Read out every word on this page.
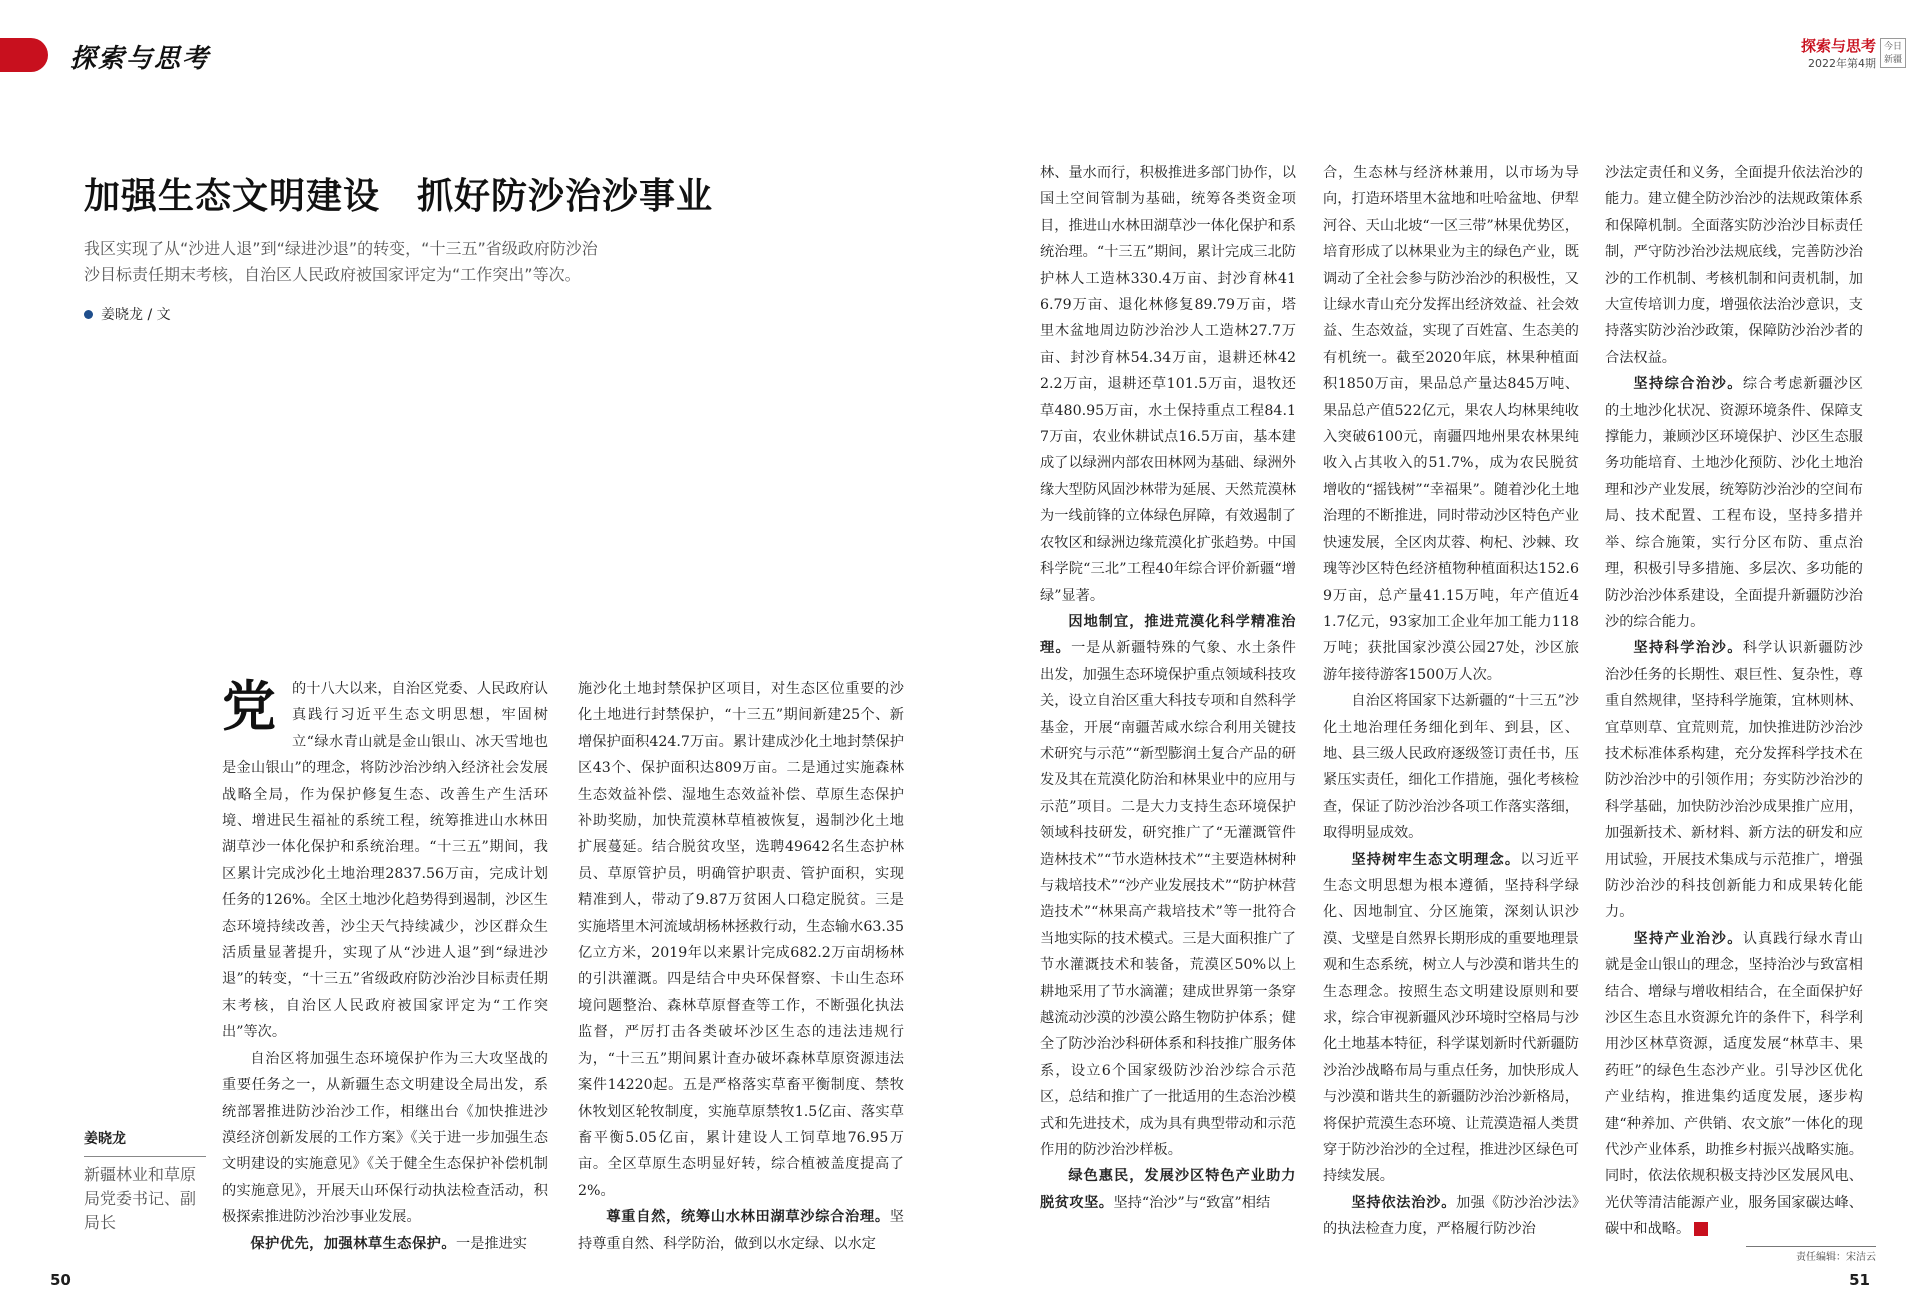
探索与思考
加强生态文明建设　抓好防沙治沙事业
我区实现了从“沙进人退”到“绿进沙退”的转变，“十三五”省级政府防沙治沙目标责任期末考核，自治区人民政府被国家评定为“工作突出”等次。
姜晓龙 / 文
姜晓龙
新疆林业和草原局党委书记、副局长
党	的十八大以来，自治区党委、人民政府认真践行习近平生态文明思想，牢固树立“绿水青山就是金山银山、冰天雪地也是金山银山”的理念，将防沙治沙纳入经济社会发展战略全局，作为保护修复生态、改善生产生活环境、增进民生福祉的系统工程，统筹推进山水林田湖草沙一体化保护和系统治理。“十三五”期间，我区累计完成沙化土地治理2837.56万亩，完成计划任务的126%。全区土地沙化趋势得到遏制，沙区生态环境持续改善，沙尘天气持续减少，沙区群众生活质量显著提升，实现了从“沙进人退”到“绿进沙退”的转变，“十三五”省级政府防沙治沙目标责任期末考核，自治区人民政府被国家评定为“工作突出”等次。

自治区将加强生态环境保护作为三大攻坚战的重要任务之一，从新疆生态文明建设全局出发，系统部署推进防沙治沙工作，相继出台《加快推进沙漠经济创新发展的工作方案》《关于进一步加强生态文明建设的实施意见》《关于健全生态保护补偿机制的实施意见》，开展天山环保行动执法检查活动，积极探索推进防沙治沙事业发展。

保护优先，加强林草生态保护。一是推进实

施沙化土地封禁保护区项目，对生态区位重要的沙化土地进行封禁保护，“十三五”期间新建25个、新增保护面积424.7万亩。累计建成沙化土地封禁保护区43个、保护面积达809万亩。二是通过实施森林生态效益补偿、湿地生态效益补偿、草原生态保护补助奖励，加快荒漠林草植被恢复，遏制沙化土地扩展蔓延。结合脱贫攻坚，选聘49642名生态护林员、草原管护员，明确管护职责、管护面积，实现精准到人，带动了9.87万贫困人口稳定脱贫。三是实施塔里木河流域胡杨林拯救行动，生态输水63.35亿立方米，2019年以来累计完成682.2万亩胡杨林的引洪灌溉。四是结合中央环保督察、卡山生态环境问题整治、森林草原督查等工作，不断强化执法监督，严厉打击各类破坏沙区生态的违法违规行为，“十三五”期间累计查办破坏森林草原资源违法案件14220起。五是严格落实草畜平衡制度、禁牧休牧划区轮牧制度，实施草原禁牧1.5亿亩、落实草畜平衡5.05亿亩，累计建设人工饲草地76.95万亩。全区草原生态明显好转，综合植被盖度提高了2%。

尊重自然，统筹山水林田湖草沙综合治理。坚持尊重自然、科学防治，做到以水定绿、以水定

50
探索与思考
2022年第4期
今日新疆

林、量水而行，积极推进多部门协作，以国土空间管制为基础，统筹各类资金项目，推进山水林田湖草沙一体化保护和系统治理。“十三五”期间，累计完成三北防护林人工造林330.4万亩、封沙育林416.79万亩、退化林修复89.79万亩，塔里木盆地周边防沙治沙人工造林27.7万亩、封沙育林54.34万亩，退耕还林422.2万亩，退耕还草101.5万亩，退牧还草480.95万亩，水土保持重点工程84.17万亩，农业休耕试点16.5万亩，基本建成了以绿洲内部农田林网为基础、绿洲外缘大型防风固沙林带为延展、天然荒漠林为一线前锋的立体绿色屏障，有效遏制了农牧区和绿洲边缘荒漠化扩张趋势。中国科学院“三北”工程40年综合评价新疆“增绿”显著。

因地制宜，推进荒漠化科学精准治理。一是从新疆特殊的气象、水土条件出发，加强生态环境保护重点领域科技攻关，设立自治区重大科技专项和自然科学基金，开展“南疆苦咸水综合利用关键技术研究与示范”“新型膨润土复合产品的研发及其在荒漠化防治和林果业中的应用与示范”项目。二是大力支持生态环境保护领域科技研发，研究推广了“无灌溉管件造林技术”“节水造林技术”“主要造林树种与栽培技术”“沙产业发展技术”“防护林营造技术”“林果高产栽培技术”等一批符合当地实际的技术模式。三是大面积推广了节水灌溉技术和装备，荒漠区50%以上耕地采用了节水滴灌；建成世界第一条穿越流动沙漠的沙漠公路生物防护体系；健全了防沙治沙科研体系和科技推广服务体系，设立6个国家级防沙治沙综合示范区，总结和推广了一批适用的生态治沙模式和先进技术，成为具有典型带动和示范作用的防沙治沙样板。

绿色惠民，发展沙区特色产业助力脱贫攻坚。坚持“治沙”与“致富”相结

合，生态林与经济林兼用，以市场为导向，打造环塔里木盆地和吐哈盆地、伊犁河谷、天山北坡“一区三带”林果优势区，培育形成了以林果业为主的绿色产业，既调动了全社会参与防沙治沙的积极性，又让绿水青山充分发挥出经济效益、社会效益、生态效益，实现了百姓富、生态美的有机统一。截至2020年底，林果种植面积1850万亩，果品总产量达845万吨、果品总产值522亿元，果农人均林果纯收入突破6100元，南疆四地州果农林果纯收入占其收入的51.7%，成为农民脱贫增收的“摇钱树”“幸福果”。随着沙化土地治理的不断推进，同时带动沙区特色产业快速发展，全区肉苁蓉、枸杞、沙棘、玫瑰等沙区特色经济植物种植面积达152.69万亩，总产量41.15万吨，年产值近41.7亿元，93家加工企业年加工能力118万吨；获批国家沙漠公园27处，沙区旅游年接待游客1500万人次。

自治区将国家下达新疆的“十三五”沙化土地治理任务细化到年、到县，区、地、县三级人民政府逐级签订责任书，压紧压实责任，细化工作措施，强化考核检查，保证了防沙治沙各项工作落实落细，取得明显成效。

坚持树牢生态文明理念。以习近平生态文明思想为根本遵循，坚持科学绿化、因地制宜、分区施策，深刻认识沙漠、戈壁是自然界长期形成的重要地理景观和生态系统，树立人与沙漠和谐共生的生态理念。按照生态文明建设原则和要求，综合审视新疆风沙环境时空格局与沙化土地基本特征，科学谋划新时代新疆防沙治沙战略布局与重点任务，加快形成人与沙漠和谐共生的新疆防沙治沙新格局，将保护荒漠生态环境、让荒漠造福人类贯穿于防沙治沙的全过程，推进沙区绿色可持续发展。

坚持依法治沙。加强《防沙治沙法》的执法检查力度，严格履行防沙治

沙法定责任和义务，全面提升依法治沙的能力。建立健全防沙治沙的法规政策体系和保障机制。全面落实防沙治沙目标责任制，严守防沙治沙法规底线，完善防沙治沙的工作机制、考核机制和问责机制，加大宣传培训力度，增强依法治沙意识，支持落实防沙治沙政策，保障防沙治沙者的合法权益。

坚持综合治沙。综合考虑新疆沙区的土地沙化状况、资源环境条件、保障支撑能力，兼顾沙区环境保护、沙区生态服务功能培育、土地沙化预防、沙化土地治理和沙产业发展，统筹防沙治沙的空间布局、技术配置、工程布设，坚持多措并举、综合施策，实行分区布防、重点治理，积极引导多措施、多层次、多功能的防沙治沙体系建设，全面提升新疆防沙治沙的综合能力。

坚持科学治沙。科学认识新疆防沙治沙任务的长期性、艰巨性、复杂性，尊重自然规律，坚持科学施策，宜林则林、宜草则草、宜荒则荒，加快推进防沙治沙技术标准体系构建，充分发挥科学技术在防沙治沙中的引领作用；夯实防沙治沙的科学基础，加快防沙治沙成果推广应用，加强新技术、新材料、新方法的研发和应用试验，开展技术集成与示范推广，增强防沙治沙的科技创新能力和成果转化能力。

坚持产业治沙。认真践行绿水青山就是金山银山的理念，坚持治沙与致富相结合、增绿与增收相结合，在全面保护好沙区生态且水资源允许的条件下，科学利用沙区林草资源，适度发展“林草丰、果药旺”的绿色生态沙产业。引导沙区优化产业结构，推进集约适度发展，逐步构建“种养加、产供销、农文旅”一体化的现代沙产业体系，助推乡村振兴战略实施。同时，依法依规积极支持沙区发展风电、光伏等清洁能源产业，服务国家碳达峰、碳中和战略。

责任编辑：宋洁云
51
